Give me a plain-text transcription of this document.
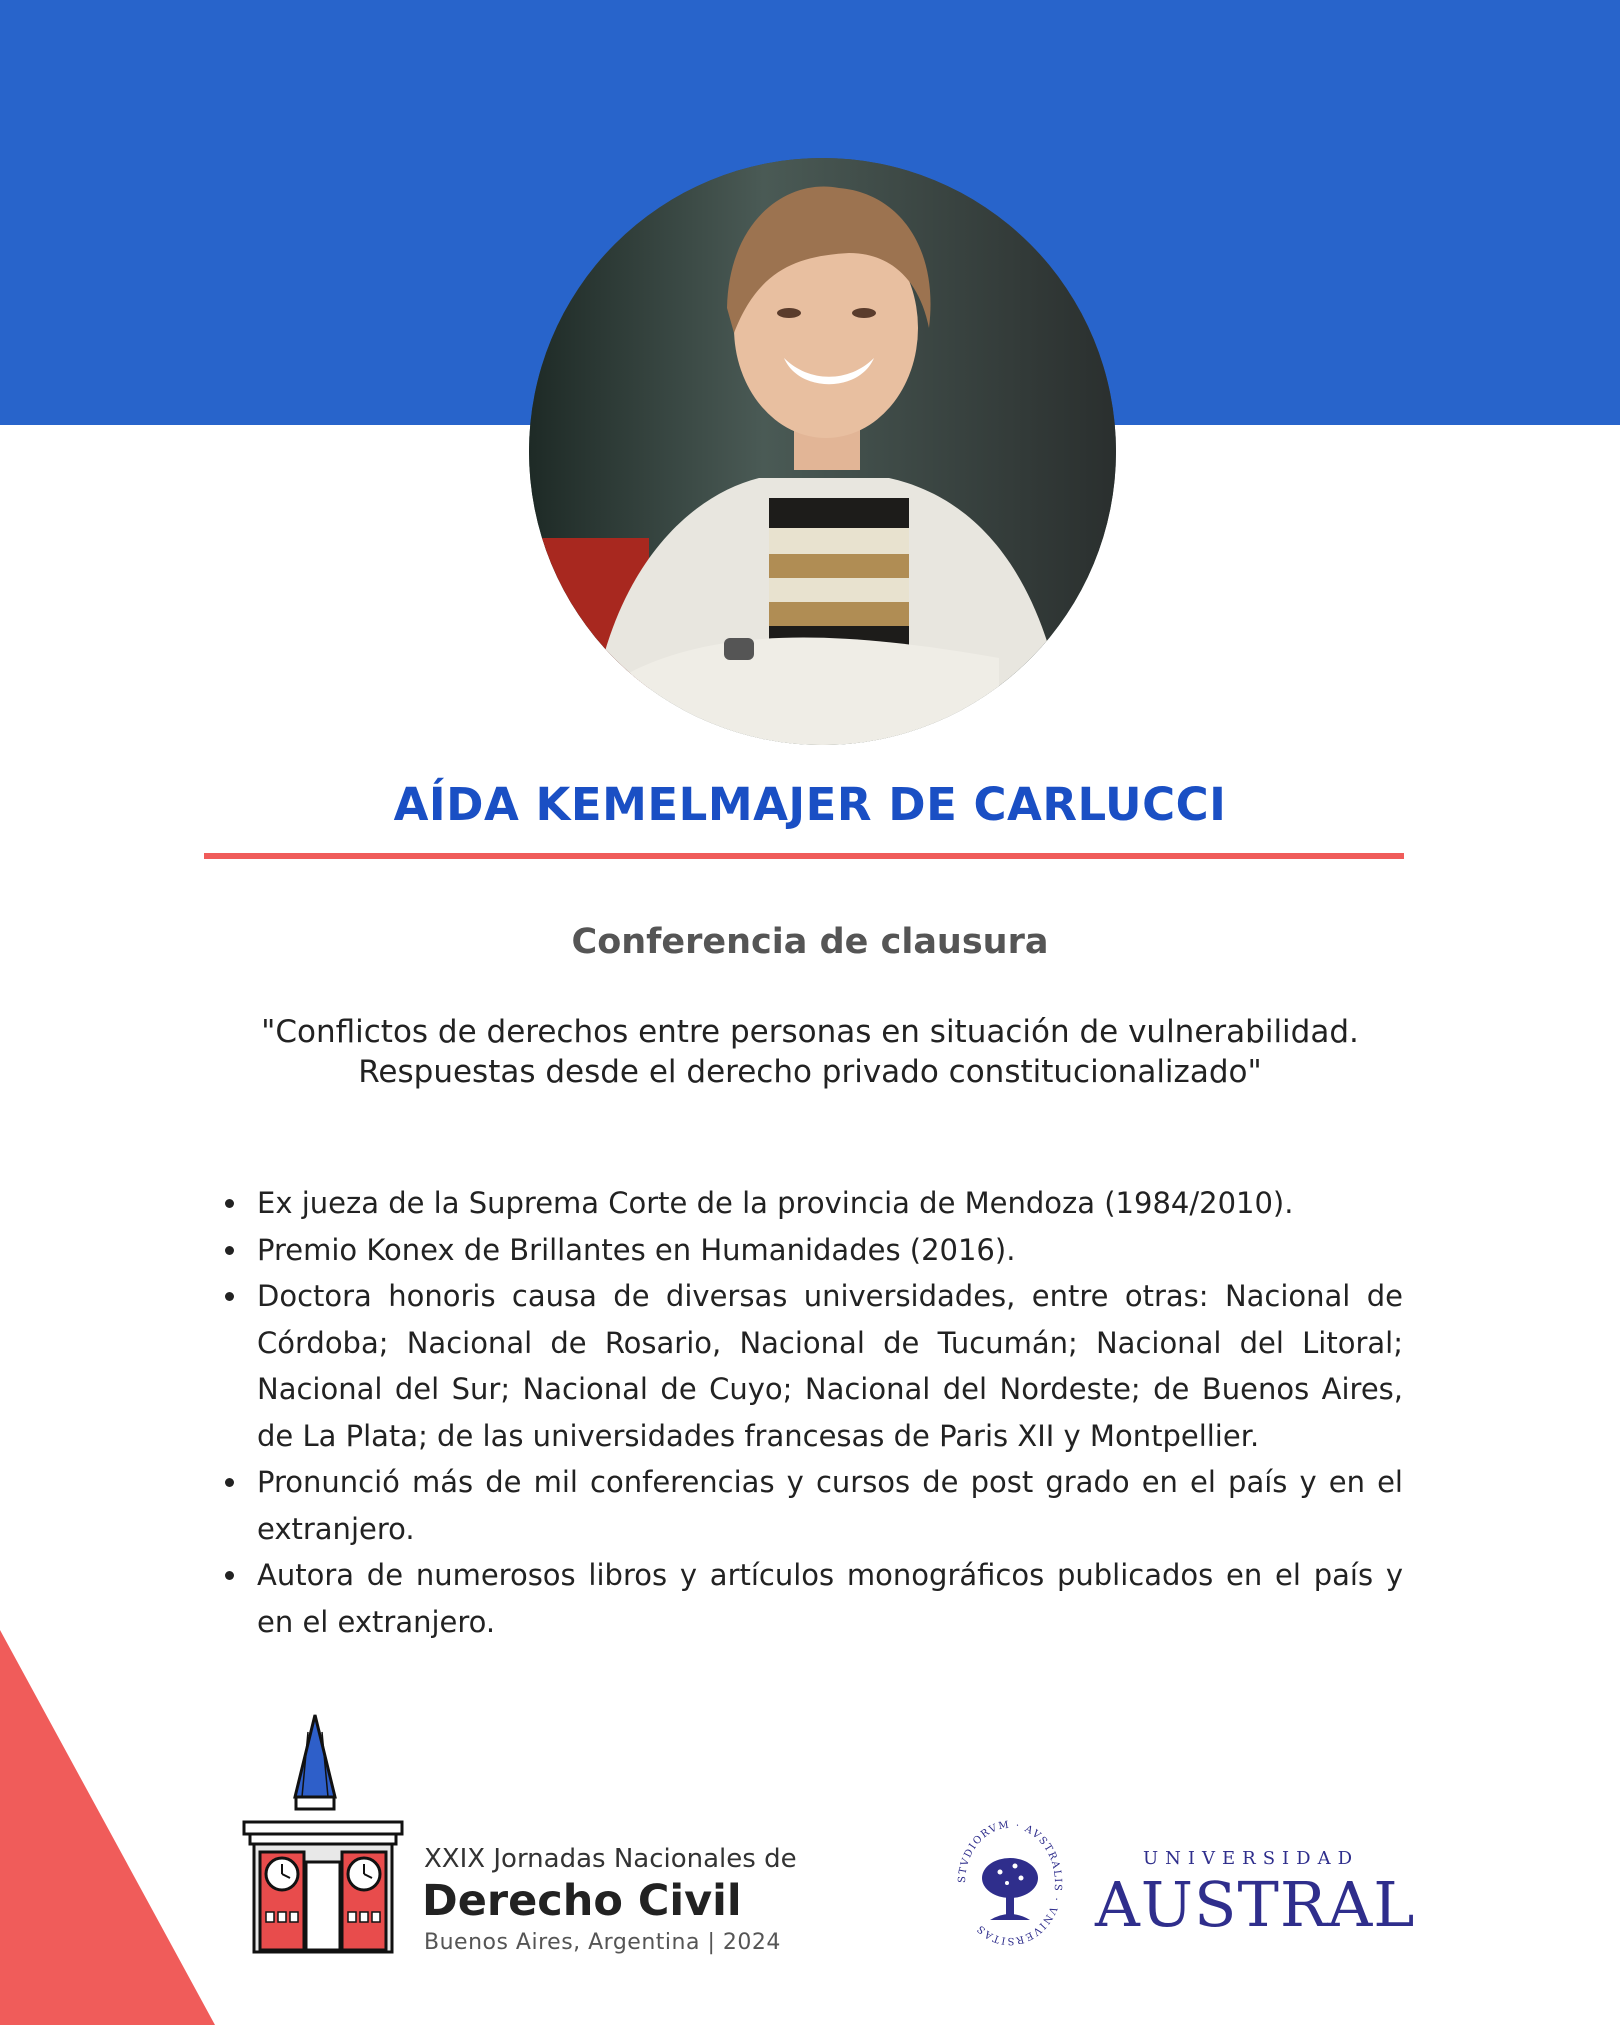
AÍDA KEMELMAJER DE CARLUCCI
Conferencia de clausura
"Conflictos de derechos entre personas en situación de vulnerabilidad.
Respuestas desde el derecho privado constitucionalizado"
Ex jueza de la Suprema Corte de la provincia de Mendoza (1984/2010).
Premio Konex de Brillantes en Humanidades (2016).
Doctora honoris causa de diversas universidades, entre otras: Nacional de Córdoba; Nacional de Rosario, Nacional de Tucumán; Nacional del Litoral; Nacional del Sur; Nacional de Cuyo; Nacional del Nordeste; de Buenos Aires, de La Plata; de las universidades francesas de Paris XII y Montpellier.
Pronunció más de mil conferencias y cursos de post grado en el país y en el extranjero.
Autora de numerosos libros y artículos monográficos publicados en el país y en el extranjero.
XXIX Jornadas Nacionales de
Derecho Civil
Buenos Aires, Argentina | 2024
STVDIORVM · AVSTRALIS · VNIVERSITAS
UNIVERSIDAD
AUSTRAL
